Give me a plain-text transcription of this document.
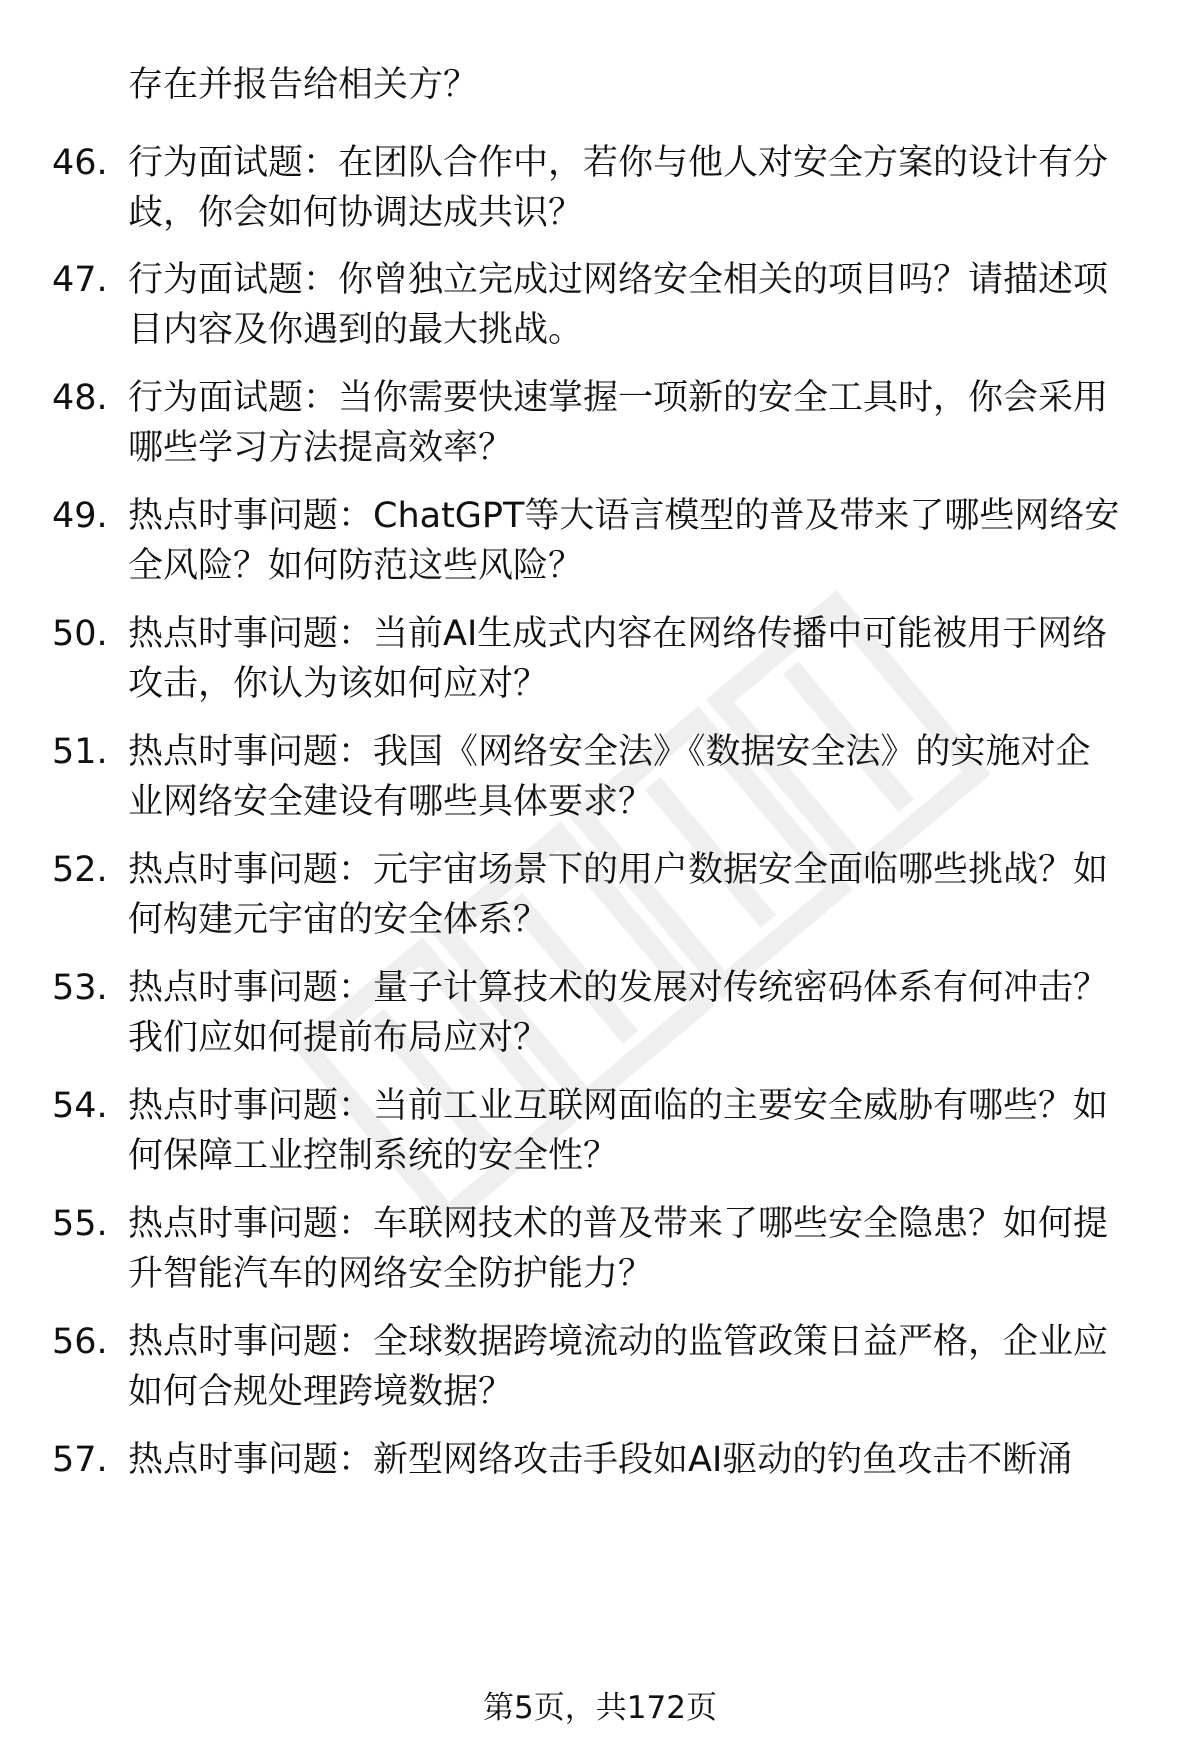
存在并报告给相关方？
46. 行为面试题：在团队合作中，若你与他人对安全方案的设计有分
歧，你会如何协调达成共识？
47. 行为面试题：你曾独立完成过网络安全相关的项目吗？请描述项
目内容及你遇到的最大挑战。
48. 行为面试题：当你需要快速掌握一项新的安全工具时，你会采用
哪些学习方法提高效率？
49. 热点时事问题：ChatGPT等大语言模型的普及带来了哪些网络安
全风险？如何防范这些风险？
50. 热点时事问题：当前AI生成式内容在网络传播中可能被用于网络
攻击，你认为该如何应对？
51. 热点时事问题：我国《网络安全法》《数据安全法》的实施对企
业网络安全建设有哪些具体要求？
52. 热点时事问题：元宇宙场景下的用户数据安全面临哪些挑战？如
何构建元宇宙的安全体系？
53. 热点时事问题：量子计算技术的发展对传统密码体系有何冲击？
我们应如何提前布局应对？
54. 热点时事问题：当前工业互联网面临的主要安全威胁有哪些？如
何保障工业控制系统的安全性？
55. 热点时事问题：车联网技术的普及带来了哪些安全隐患？如何提
升智能汽车的网络安全防护能力？
56. 热点时事问题：全球数据跨境流动的监管政策日益严格，企业应
如何合规处理跨境数据？
57. 热点时事问题：新型网络攻击手段如AI驱动的钓鱼攻击不断涌
第5页，共172页
